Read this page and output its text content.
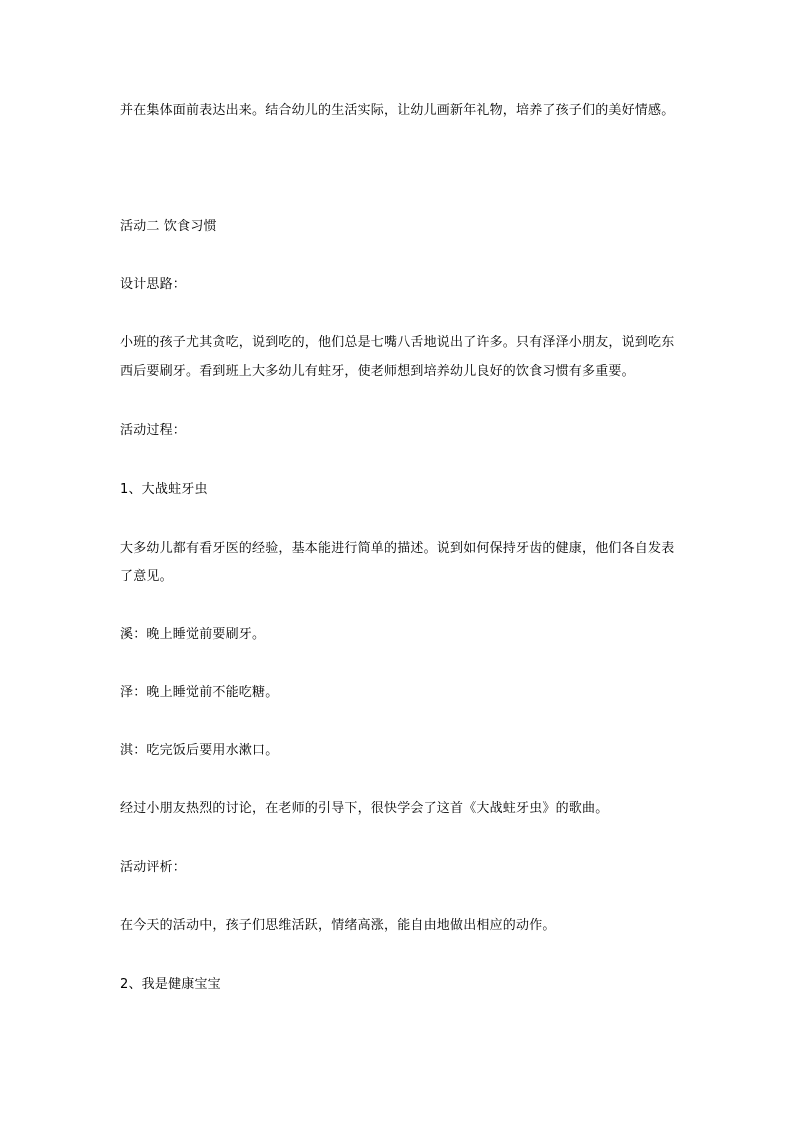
并在集体面前表达出来。结合幼儿的生活实际，让幼儿画新年礼物，培养了孩子们的美好情感。
活动二 饮食习惯
设计思路：
小班的孩子尤其贪吃，说到吃的，他们总是七嘴八舌地说出了许多。只有泽泽小朋友，说到吃东
西后要刷牙。看到班上大多幼儿有蛀牙，使老师想到培养幼儿良好的饮食习惯有多重要。
活动过程：
1、大战蛀牙虫
大多幼儿都有看牙医的经验，基本能进行简单的描述。说到如何保持牙齿的健康，他们各自发表
了意见。
溪：晚上睡觉前要刷牙。
泽：晚上睡觉前不能吃糖。
淇：吃完饭后要用水漱口。
经过小朋友热烈的讨论，在老师的引导下，很快学会了这首《大战蛀牙虫》的歌曲。
活动评析：
在今天的活动中，孩子们思维活跃，情绪高涨，能自由地做出相应的动作。
2、我是健康宝宝
